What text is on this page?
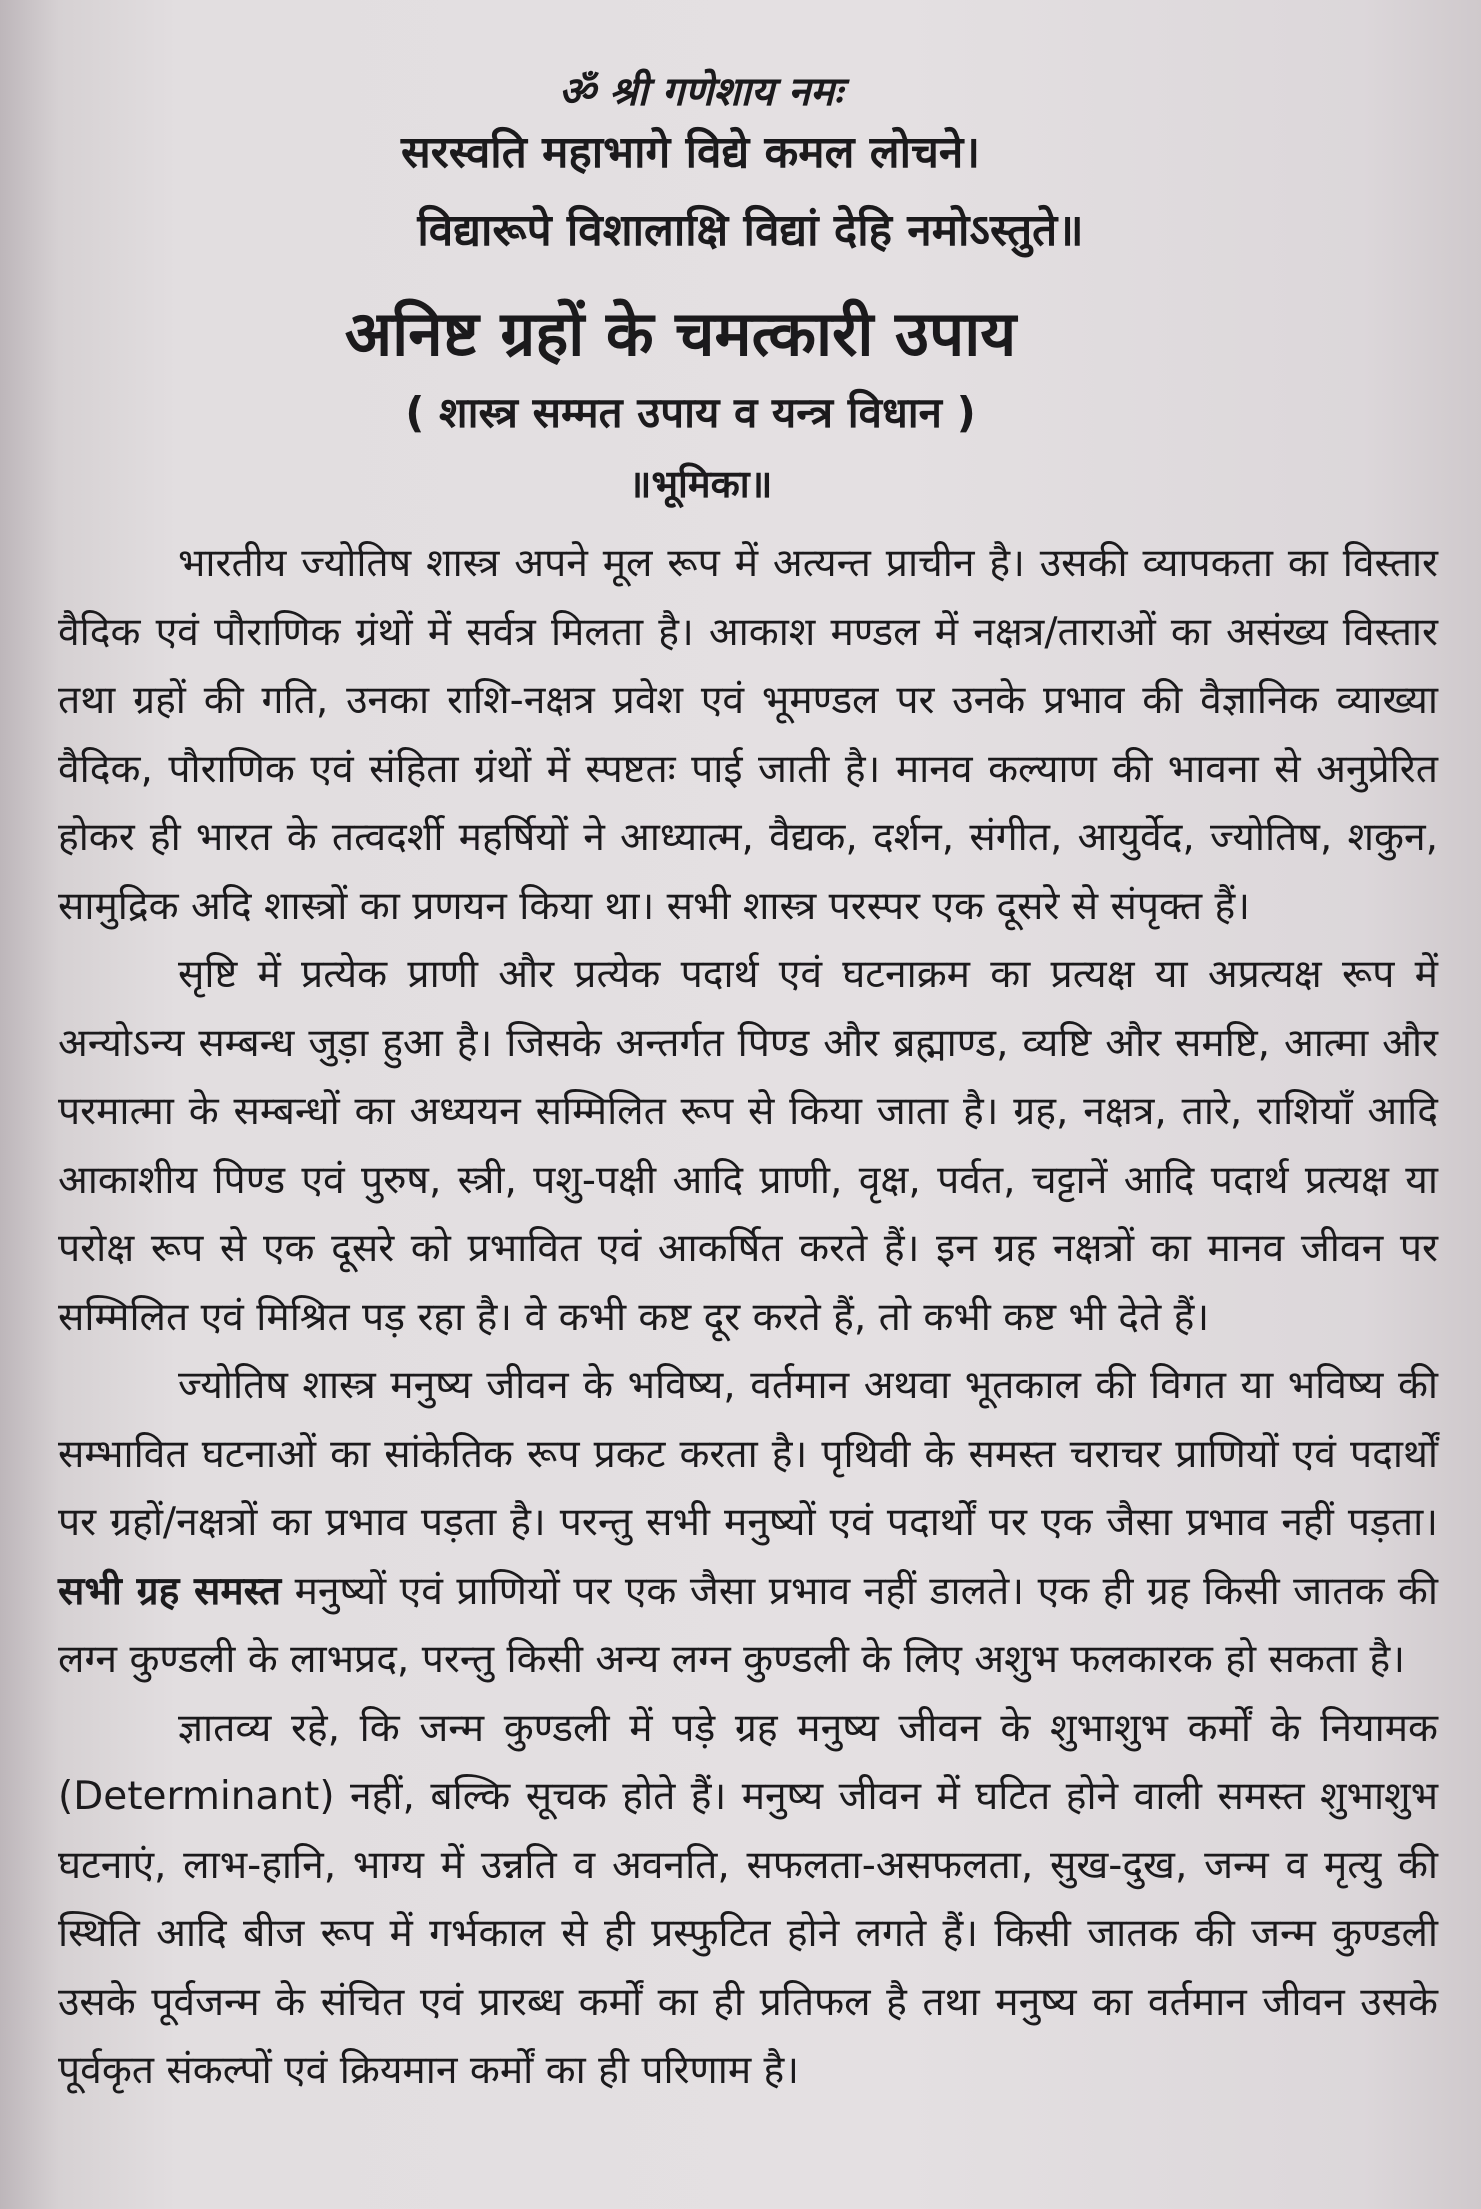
ॐ श्री गणेशाय नमः
सरस्वति महाभागे विद्ये कमल लोचने।
विद्यारूपे विशालाक्षि विद्यां देहि नमोऽस्तुते॥
अनिष्ट ग्रहों के चमत्कारी उपाय
( शास्त्र सम्मत उपाय व यन्त्र विधान )
॥भूमिका॥

भारतीय ज्योतिष शास्त्र अपने मूल रूप में अत्यन्त प्राचीन है। उसकी व्यापकता का विस्तार वैदिक एवं पौराणिक ग्रंथों में सर्वत्र मिलता है। आकाश मण्डल में नक्षत्र/ताराओं का असंख्य विस्तार तथा ग्रहों की गति, उनका राशि-नक्षत्र प्रवेश एवं भूमण्डल पर उनके प्रभाव की वैज्ञानिक व्याख्या वैदिक, पौराणिक एवं संहिता ग्रंथों में स्पष्टतः पाई जाती है। मानव कल्याण की भावना से अनुप्रेरित होकर ही भारत के तत्वदर्शी महर्षियों ने आध्यात्म, वैद्यक, दर्शन, संगीत, आयुर्वेद, ज्योतिष, शकुन, सामुद्रिक अदि शास्त्रों का प्रणयन किया था। सभी शास्त्र परस्पर एक दूसरे से संपृक्त हैं।

सृष्टि में प्रत्येक प्राणी और प्रत्येक पदार्थ एवं घटनाक्रम का प्रत्यक्ष या अप्रत्यक्ष रूप में अन्योऽन्य सम्बन्ध जुड़ा हुआ है। जिसके अन्तर्गत पिण्ड और ब्रह्माण्ड, व्यष्टि और समष्टि, आत्मा और परमात्मा के सम्बन्धों का अध्ययन सम्मिलित रूप से किया जाता है। ग्रह, नक्षत्र, तारे, राशियाँ आदि आकाशीय पिण्ड एवं पुरुष, स्त्री, पशु-पक्षी आदि प्राणी, वृक्ष, पर्वत, चट्टानें आदि पदार्थ प्रत्यक्ष या परोक्ष रूप से एक दूसरे को प्रभावित एवं आकर्षित करते हैं। इन ग्रह नक्षत्रों का मानव जीवन पर सम्मिलित एवं मिश्रित पड़ रहा है। वे कभी कष्ट दूर करते हैं, तो कभी कष्ट भी देते हैं।

ज्योतिष शास्त्र मनुष्य जीवन के भविष्य, वर्तमान अथवा भूतकाल की विगत या भविष्य की सम्भावित घटनाओं का सांकेतिक रूप प्रकट करता है। पृथिवी के समस्त चराचर प्राणियों एवं पदार्थों पर ग्रहों/नक्षत्रों का प्रभाव पड़ता है। परन्तु सभी मनुष्यों एवं पदार्थों पर एक जैसा प्रभाव नहीं पड़ता। सभी ग्रह समस्त मनुष्यों एवं प्राणियों पर एक जैसा प्रभाव नहीं डालते। एक ही ग्रह किसी जातक की लग्न कुण्डली के लाभप्रद, परन्तु किसी अन्य लग्न कुण्डली के लिए अशुभ फलकारक हो सकता है।

ज्ञातव्य रहे, कि जन्म कुण्डली में पड़े ग्रह मनुष्य जीवन के शुभाशुभ कर्मों के नियामक (Determinant) नहीं, बल्कि सूचक होते हैं। मनुष्य जीवन में घटित होने वाली समस्त शुभाशुभ घटनाएं, लाभ-हानि, भाग्य में उन्नति व अवनति, सफलता-असफलता, सुख-दुख, जन्म व मृत्यु की स्थिति आदि बीज रूप में गर्भकाल से ही प्रस्फुटित होने लगते हैं। किसी जातक की जन्म कुण्डली उसके पूर्वजन्म के संचित एवं प्रारब्ध कर्मों का ही प्रतिफल है तथा मनुष्य का वर्तमान जीवन उसके पूर्वकृत संकल्पों एवं क्रियमान कर्मों का ही परिणाम है।
